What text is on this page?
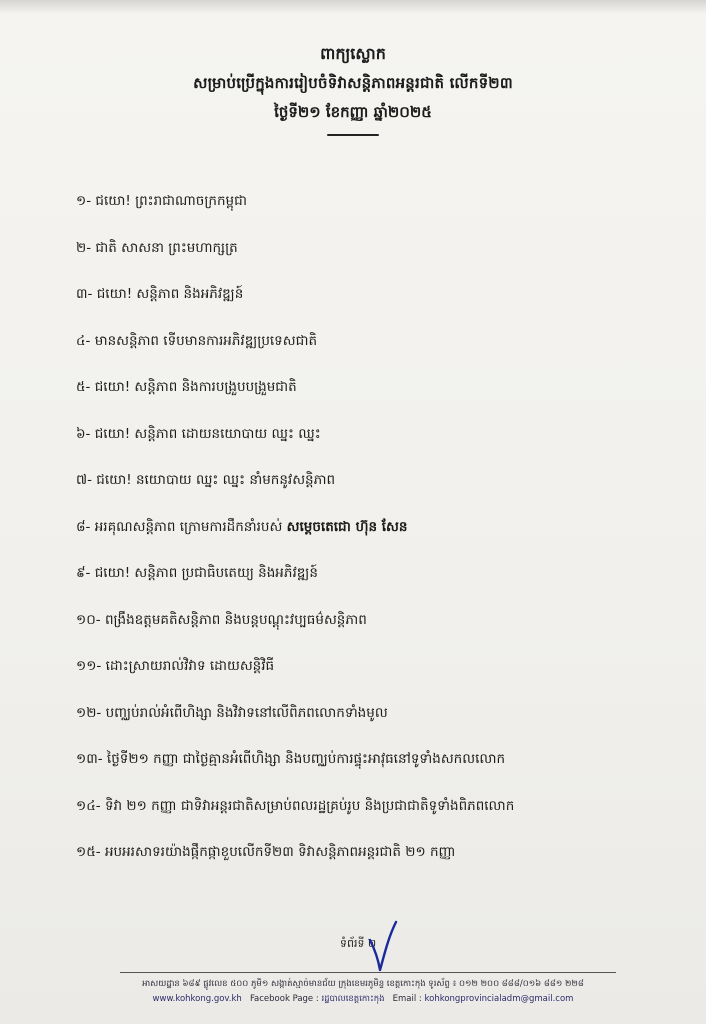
ពាក្យស្លោក
សម្រាប់ប្រើក្នុងការរៀបចំទិវាសន្តិភាពអន្តរជាតិ លើកទី២៣
ថ្ងៃទី២១ ខែកញ្ញា ឆ្នាំ២០២៥
១- ជយោ! ព្រះរាជាណាចក្រកម្ពុជា
២- ជាតិ សាសនា ព្រះមហាក្សត្រ
៣- ជយោ! សន្តិភាព និងអភិវឌ្ឍន៍
៤- មានសន្តិភាព ទើបមានការអភិវឌ្ឍប្រទេសជាតិ
៥- ជយោ! សន្តិភាព និងការបង្រួបបង្រួមជាតិ
៦- ជយោ! សន្តិភាព ដោយនយោបាយ ឈ្នះ ឈ្នះ
៧- ជយោ! នយោបាយ ឈ្នះ ឈ្នះ នាំមកនូវសន្តិភាព
៨- អរគុណសន្តិភាព ក្រោមការដឹកនាំរបស់ សម្តេចតេជោ ហ៊ុន សែន
៩- ជយោ! សន្តិភាព ប្រជាធិបតេយ្យ និងអភិវឌ្ឍន៍
១០- ពង្រឹងឧត្តមគតិសន្តិភាព និងបន្តបណ្តុះវប្បធម៌សន្តិភាព
១១- ដោះស្រាយរាល់វិវាទ ដោយសន្តិវិធី
១២- បញ្ឈប់រាល់អំពើហិង្សា និងវិវាទនៅលើពិភពលោកទាំងមូល
១៣- ថ្ងៃទី២១ កញ្ញា ជាថ្ងៃគ្មានអំពើហិង្សា និងបញ្ឈប់ការផ្ទុះអាវុធនៅទូទាំងសកលលោក
១៤- ទិវា ២១ កញ្ញា ជាទិវាអន្តរជាតិសម្រាប់ពលរដ្ឋគ្រប់រូប និងប្រជាជាតិទូទាំងពិភពលោក
១៥- អបអរសាទរយ៉ាងផ្កឹកផ្កាខួបលើកទី២៣ ទិវាសន្តិភាពអន្តរជាតិ ២១ កញ្ញា
ទំព័រទី ២
អាសយដ្ឋាន ៦៨៩ ផ្លូវលេខ ៥០០ ភូមិ១ សង្កាត់ស្មាច់មានជ័យ ក្រុងខេមរភូមិន្ទ ខេត្តកោះកុង ទូរស័ព្ទ ៖ ០១២ ២០០ ៨៨៨/០១៦ ៨៨១ ២២៨
www.kohkong.gov.kh Facebook Page : រដ្ឋបាលខេត្តកោះកុង Email : kohkongprovincialadm@gmail.com
